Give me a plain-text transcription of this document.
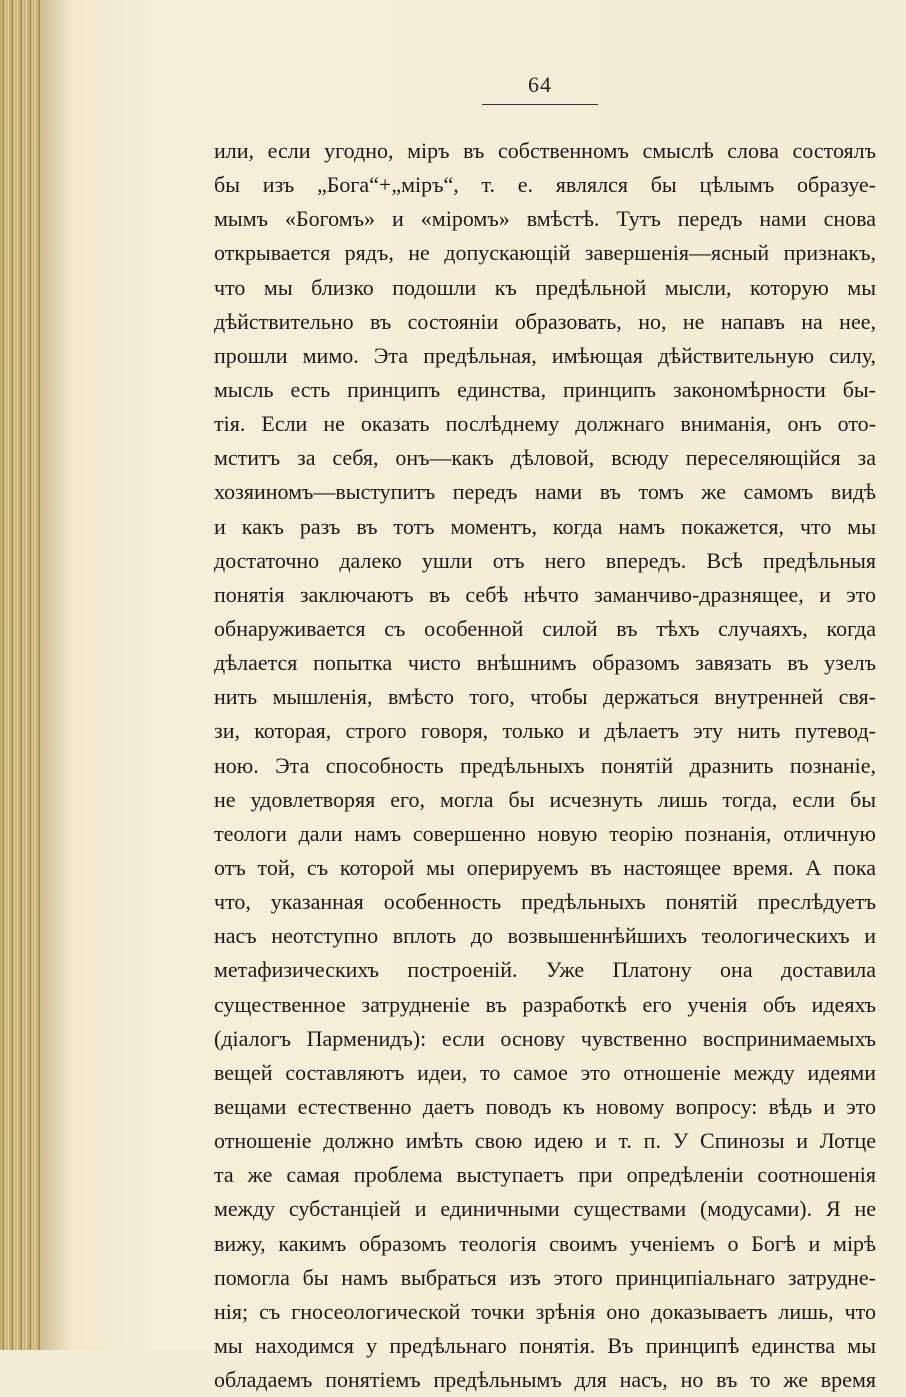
64
или, если угодно, міръ въ собственномъ смыслѣ слова состоялъ
бы изъ „Бога“+„міръ“, т. е. являлся бы цѣлымъ образуе-
мымъ «Богомъ» и «міромъ» вмѣстѣ. Тутъ передъ нами снова
открывается рядъ, не допускающій завершенія—ясный признакъ,
что мы близко подошли къ предѣльной мысли, которую мы
дѣйствительно въ состояніи образовать, но, не напавъ на нее,
прошли мимо. Эта предѣльная, имѣющая дѣйствительную силу,
мысль есть принципъ единства, принципъ закономѣрности бы-
тія. Если не оказать послѣднему должнаго вниманія, онъ ото-
мститъ за себя, онъ—какъ дѣловой, всюду переселяющійся за
хозяиномъ—выступитъ передъ нами въ томъ же самомъ видѣ
и какъ разъ въ тотъ моментъ, когда намъ покажется, что мы
достаточно далеко ушли отъ него впередъ. Всѣ предѣльныя
понятія заключаютъ въ себѣ нѣчто заманчиво-дразнящее, и это
обнаруживается съ особенной силой въ тѣхъ случаяхъ, когда
дѣлается попытка чисто внѣшнимъ образомъ завязать въ узелъ
нить мышленія, вмѣсто того, чтобы держаться внутренней свя-
зи, которая, строго говоря, только и дѣлаетъ эту нить путевод-
ною. Эта способность предѣльныхъ понятій дразнить познаніе,
не удовлетворяя его, могла бы исчезнуть лишь тогда, если бы
теологи дали намъ совершенно новую теорію познанія, отличную
отъ той, съ которой мы оперируемъ въ настоящее время. А пока
что, указанная особенность предѣльныхъ понятій преслѣдуетъ
насъ неотступно вплоть до возвышеннѣйшихъ теологическихъ и
метафизическихъ построеній. Уже Платону она доставила
существенное затрудненіе въ разработкѣ его ученія объ идеяхъ
(діалогъ Парменидъ): если основу чувственно воспринимаемыхъ
вещей составляютъ идеи, то самое это отношеніе между идеями
вещами естественно даетъ поводъ къ новому вопросу: вѣдь и это
отношеніе должно имѣть свою идею и т. п. У Спинозы и Лотце
та же самая проблема выступаетъ при опредѣленіи соотношенія
между субстанціей и единичными существами (модусами). Я не
вижу, какимъ образомъ теологія своимъ ученіемъ о Богѣ и мірѣ
помогла бы намъ выбраться изъ этого принципіальнаго затрудне-
нія; съ гносеологической точки зрѣнія оно доказываетъ лишь, что
мы находимся у предѣльнаго понятія. Въ принципѣ единства мы
обладаемъ понятіемъ предѣльнымъ для насъ, но въ то же время
